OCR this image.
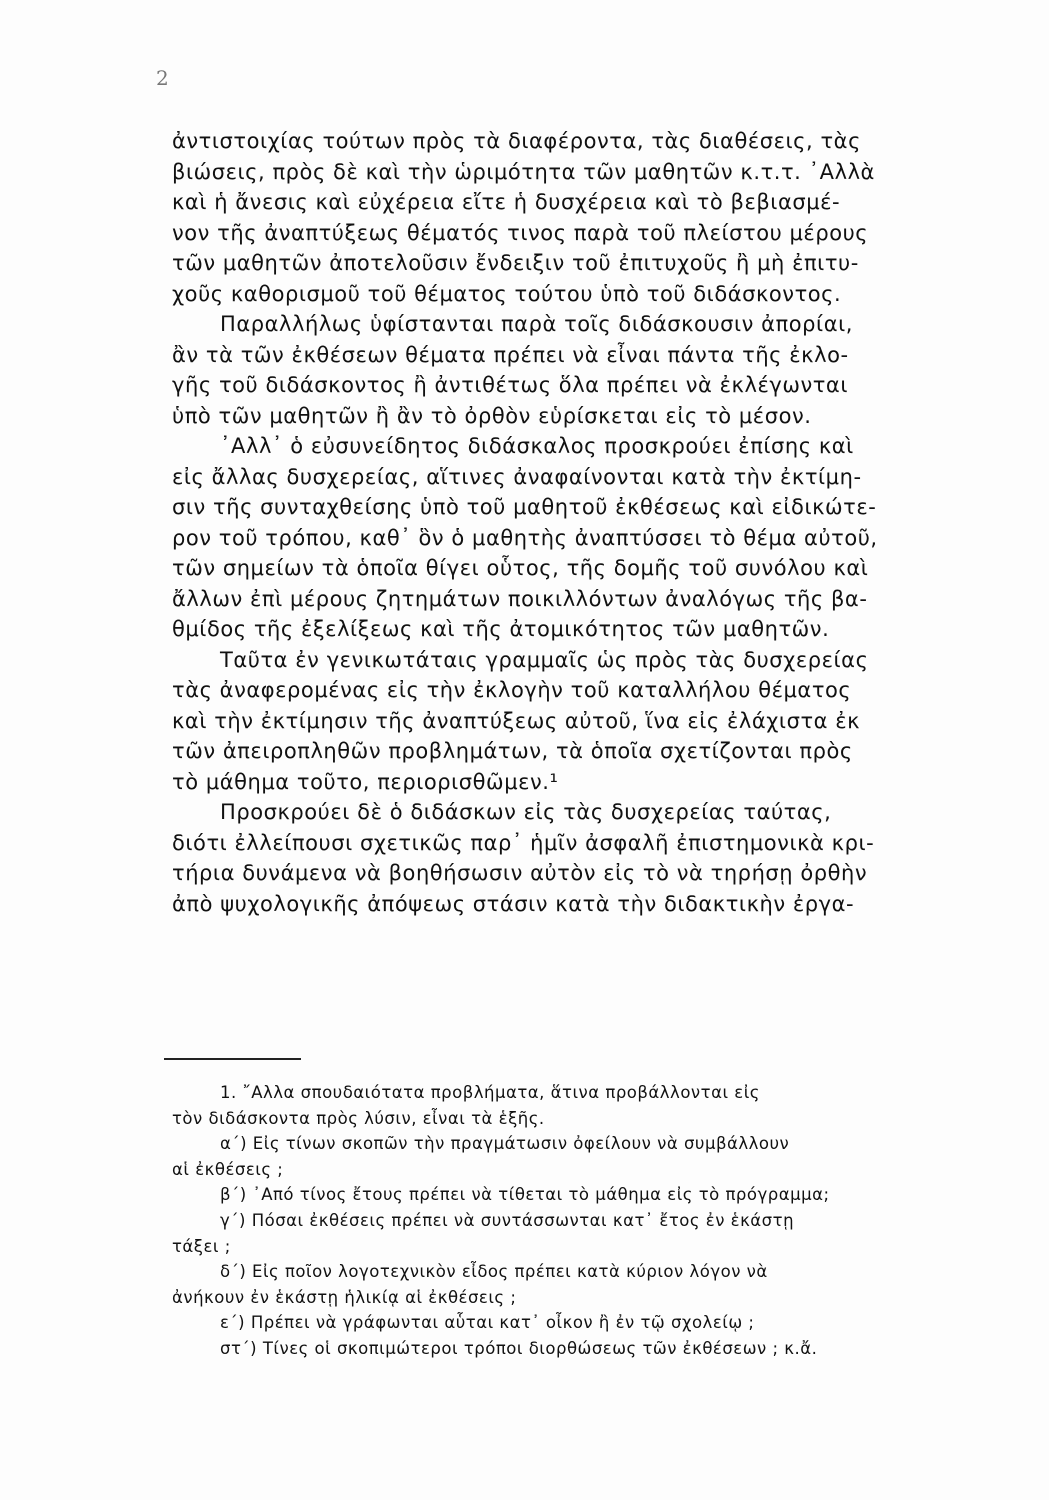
2

ἀντιστοιχίας τούτων πρὸς τὰ διαφέροντα, τὰς διαθέσεις, τὰς
βιώσεις, πρὸς δὲ καὶ τὴν ὡριμότητα τῶν μαθητῶν κ.τ.τ. ᾿Αλλὰ
καὶ ἡ ἄνεσις καὶ εὐχέρεια εἴτε ἡ δυσχέρεια καὶ τὸ βεβιασμέ-
νον τῆς ἀναπτύξεως θέματός τινος παρὰ τοῦ πλείστου μέρους
τῶν μαθητῶν ἀποτελοῦσιν ἔνδειξιν τοῦ ἐπιτυχοῦς ἢ μὴ ἐπιτυ-
χοῦς καθορισμοῦ τοῦ θέματος τούτου ὑπὸ τοῦ διδάσκοντος.

Παραλλήλως ὑφίστανται παρὰ τοῖς διδάσκουσιν ἀπορίαι,
ἂν τὰ τῶν ἐκθέσεων θέματα πρέπει νὰ εἶναι πάντα τῆς ἐκλο-
γῆς τοῦ διδάσκοντος ἢ ἀντιθέτως ὅλα πρέπει νὰ ἐκλέγωνται
ὑπὸ τῶν μαθητῶν ἢ ἂν τὸ ὀρθὸν εὑρίσκεται εἰς τὸ μέσον.

᾿Αλλ᾿ ὁ εὐσυνείδητος διδάσκαλος προσκρούει ἐπίσης καὶ
εἰς ἄλλας δυσχερείας, αἵτινες ἀναφαίνονται κατὰ τὴν ἐκτίμη-
σιν τῆς συνταχθείσης ὑπὸ τοῦ μαθητοῦ ἐκθέσεως καὶ εἰδικώτε-
ρον τοῦ τρόπου, καθ᾿ ὃν ὁ μαθητὴς ἀναπτύσσει τὸ θέμα αὐτοῦ,
τῶν σημείων τὰ ὁποῖα θίγει οὗτος, τῆς δομῆς τοῦ συνόλου καὶ
ἄλλων ἐπὶ μέρους ζητημάτων ποικιλλόντων ἀναλόγως τῆς βα-
θμίδος τῆς ἐξελίξεως καὶ τῆς ἀτομικότητος τῶν μαθητῶν.

Ταῦτα ἐν γενικωτάταις γραμμαῖς ὡς πρὸς τὰς δυσχερείας
τὰς ἀναφερομένας εἰς τὴν ἐκλογὴν τοῦ καταλλήλου θέματος
καὶ τὴν ἐκτίμησιν τῆς ἀναπτύξεως αὐτοῦ, ἵνα εἰς ἐλάχιστα ἐκ
τῶν ἀπειροπληθῶν προβλημάτων, τὰ ὁποῖα σχετίζονται πρὸς
τὸ μάθημα τοῦτο, περιορισθῶμεν.¹

Προσκρούει δὲ ὁ διδάσκων εἰς τὰς δυσχερείας ταύτας,
διότι ἐλλείπουσι σχετικῶς παρ᾿ ἡμῖν ἀσφαλῆ ἐπιστημονικὰ κρι-
τήρια δυνάμενα νὰ βοηθήσωσιν αὐτὸν εἰς τὸ νὰ τηρήσῃ ὀρθὴν
ἀπὸ ψυχολογικῆς ἀπόψεως στάσιν κατὰ τὴν διδακτικὴν ἐργα-

1. ῎Αλλα σπουδαιότατα προβλήματα, ἅτινα προβάλλονται εἰς
τὸν διδάσκοντα πρὸς λύσιν, εἶναι τὰ ἑξῆς.
α΄) Εἰς τίνων σκοπῶν τὴν πραγμάτωσιν ὀφείλουν νὰ συμβάλλουν
αἱ ἐκθέσεις ;
β΄) ᾿Από τίνος ἔτους πρέπει νὰ τίθεται τὸ μάθημα εἰς τὸ πρόγραμμα;
γ΄) Πόσαι ἐκθέσεις πρέπει νὰ συντάσσωνται κατ᾿ ἔτος ἐν ἑκάστῃ
τάξει ;
δ΄) Εἰς ποῖον λογοτεχνικὸν εἶδος πρέπει κατὰ κύριον λόγον νὰ
ἀνήκουν ἐν ἑκάστῃ ἡλικίᾳ αἱ ἐκθέσεις ;
ε΄) Πρέπει νὰ γράφωνται αὗται κατ᾿ οἶκον ἢ ἐν τῷ σχολείῳ ;
στ΄) Τίνες οἱ σκοπιμώτεροι τρόποι διορθώσεως τῶν ἐκθέσεων ; κ.ἄ.
